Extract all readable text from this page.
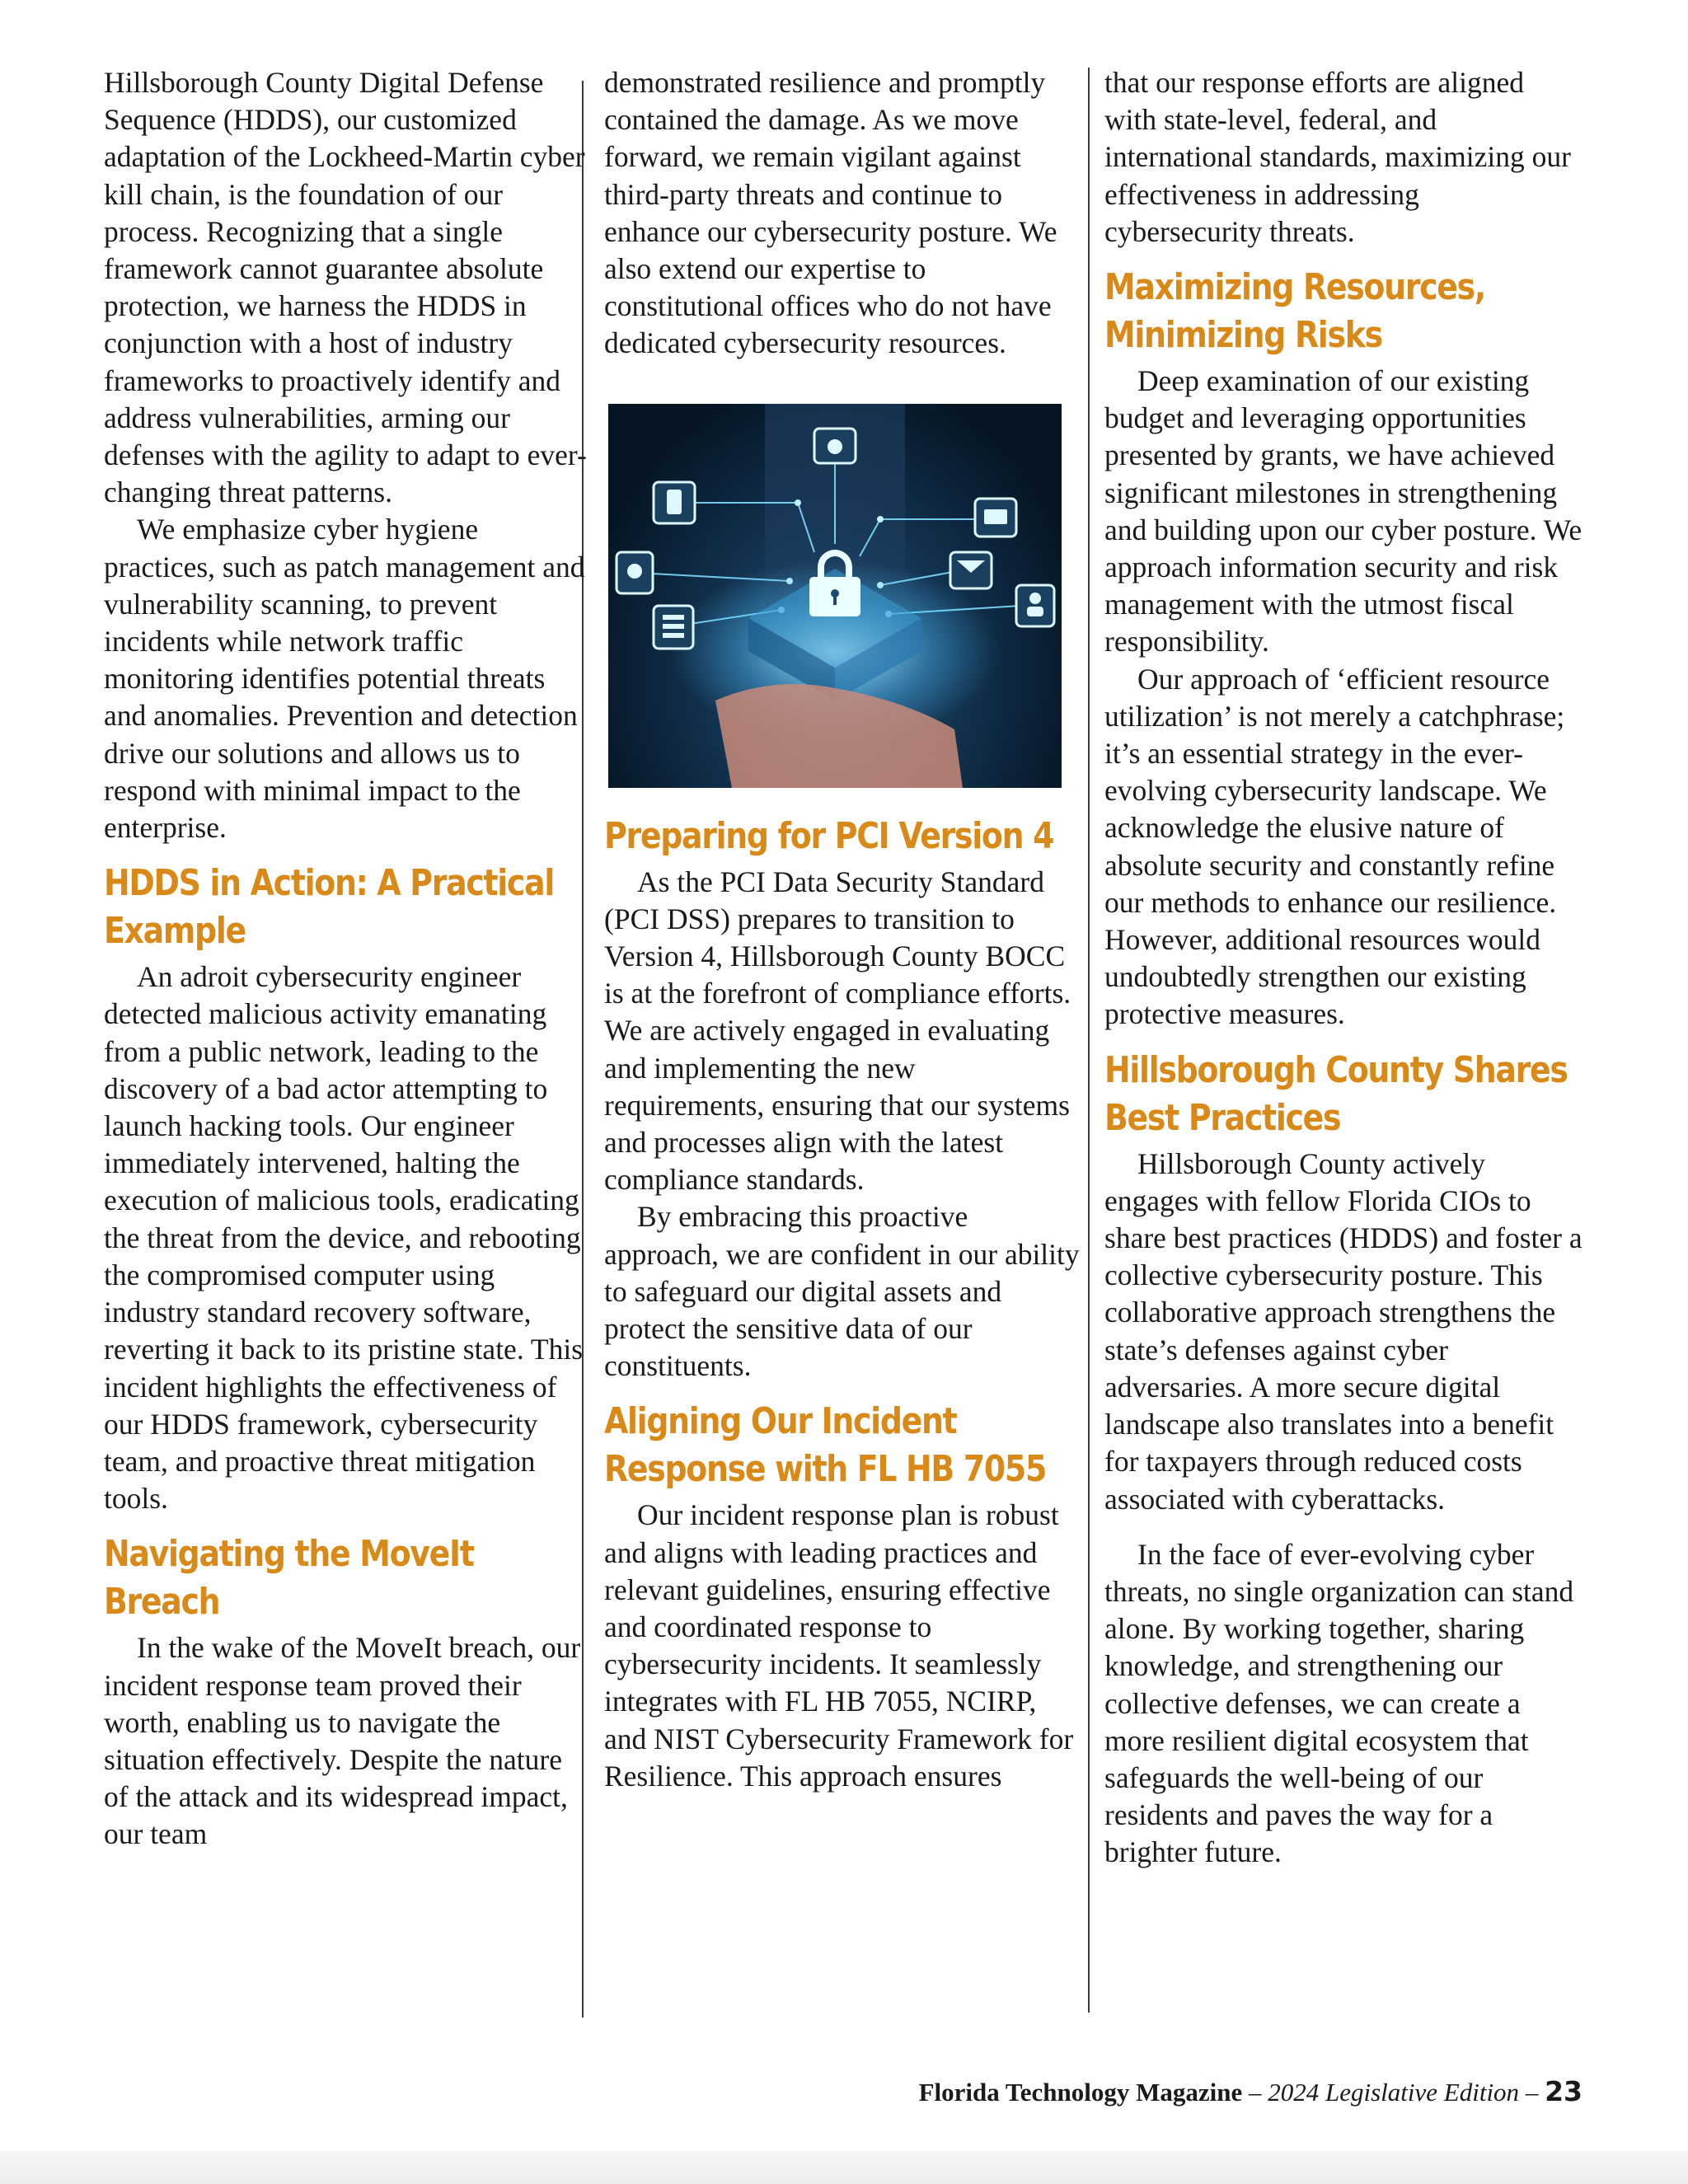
Hillsborough County Digital Defense Sequence (HDDS), our customized adaptation of the Lockheed-Martin cyber kill chain, is the foundation of our process. Recognizing that a single framework cannot guarantee absolute protection, we harness the HDDS in conjunction with a host of industry frameworks to proactively identify and address vulnerabilities, arming our defenses with the agility to adapt to ever-changing threat patterns.

We emphasize cyber hygiene practices, such as patch management and vulnerability scanning, to prevent incidents while network traffic monitoring identifies potential threats and anomalies. Prevention and detection drive our solutions and allows us to respond with minimal impact to the enterprise.

HDDS in Action: A Practical Example

An adroit cybersecurity engineer detected malicious activity emanating from a public network, leading to the discovery of a bad actor attempting to launch hacking tools. Our engineer immediately intervened, halting the execution of malicious tools, eradicating the threat from the device, and rebooting the compromised computer using industry standard recovery software, reverting it back to its pristine state. This incident highlights the effectiveness of our HDDS framework, cybersecurity team, and proactive threat mitigation tools.

Navigating the MoveIt Breach

In the wake of the MoveIt breach, our incident response team proved their worth, enabling us to navigate the situation effectively. Despite the nature of the attack and its widespread impact, our team

demonstrated resilience and promptly contained the damage. As we move forward, we remain vigilant against third-party threats and continue to enhance our cybersecurity posture. We also extend our expertise to constitutional offices who do not have dedicated cybersecurity resources.

Preparing for PCI Version 4

As the PCI Data Security Standard (PCI DSS) prepares to transition to Version 4, Hillsborough County BOCC is at the forefront of compliance efforts. We are actively engaged in evaluating and implementing the new requirements, ensuring that our systems and processes align with the latest compliance standards.

By embracing this proactive approach, we are confident in our ability to safeguard our digital assets and protect the sensitive data of our constituents.

Aligning Our Incident Response with FL HB 7055

Our incident response plan is robust and aligns with leading practices and relevant guidelines, ensuring effective and coordinated response to cybersecurity incidents. It seamlessly integrates with FL HB 7055, NCIRP, and NIST Cybersecurity Framework for Resilience. This approach ensures

that our response efforts are aligned with state-level, federal, and international standards, maximizing our effectiveness in addressing cybersecurity threats.

Maximizing Resources, Minimizing Risks

Deep examination of our existing budget and leveraging opportunities presented by grants, we have achieved significant milestones in strengthening and building upon our cyber posture. We approach information security and risk management with the utmost fiscal responsibility.

Our approach of ‘efficient resource utilization’ is not merely a catchphrase; it’s an essential strategy in the ever-evolving cybersecurity landscape. We acknowledge the elusive nature of absolute security and constantly refine our methods to enhance our resilience. However, additional resources would undoubtedly strengthen our existing protective measures.

Hillsborough County Shares Best Practices

Hillsborough County actively engages with fellow Florida CIOs to share best practices (HDDS) and foster a collective cybersecurity posture. This collaborative approach strengthens the state’s defenses against cyber adversaries. A more secure digital landscape also translates into a benefit for taxpayers through reduced costs associated with cyberattacks.

In the face of ever-evolving cyber threats, no single organization can stand alone. By working together, sharing knowledge, and strengthening our collective defenses, we can create a more resilient digital ecosystem that safeguards the well-being of our residents and paves the way for a brighter future.

Florida Technology Magazine – 2024 Legislative Edition – 23
